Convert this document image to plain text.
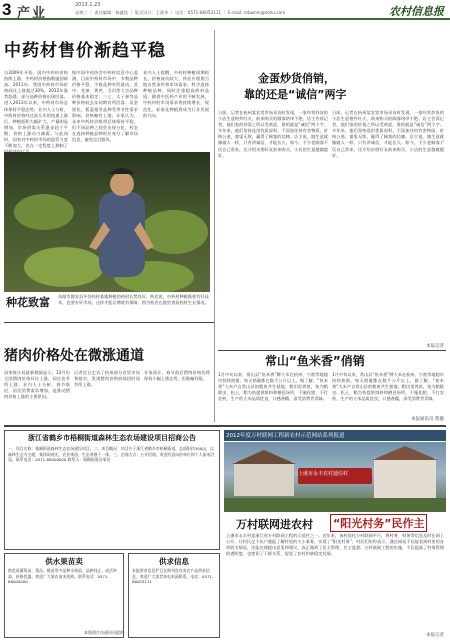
3 产业
2013.1.23
星期三 ｜ 责任编辑：杨捷凯 ｜ 版式设计：王燕华 ｜ 电话：0571-86053111 ｜ E-mail: mbwnm@sohu.com	农村信息报
中药材售价渐趋平稳
自2009年开始，国内中药材价格持续上涨，中药材价格指数屡创新高。2011年，我国中药材市场价格同比上涨超过30%，2012年涨势趋缓，部分品种价格出现回落。进入2013年以来，中药材市场总体保持平稳态势。业内人士分析，中药材价格经过前几年的快速上涨后，种植面积大幅扩大，产量明显增加，市场供需关系逐步趋于平衡，价格上涨动力减弱。与此同时，国家对中药材市场的监管力度不断加大，也在一定程度上抑制了
据中国中药协会中药材信息中心监测，目前中药材市场中，多数品种价格平稳，少数品种有所波动。其中，党参、黄芪、当归等大宗品种价格基本稳定；三七、太子参等品种价格较去年同期有所回落；而金银花、板蓝根等品种受季节性需求影响，价格略有上涨。专家认为，未来中药材价格将总体保持平稳，但不同品种之间会出现分化，药农在选择种植品种时应充分了解市场信息，避免盲目跟风。
业内人士提醒，中药材种植周期较长，价格波动较大，药农应根据当地自然条件和市场需求，科学选择种植品种，同时注重提高药材品质。随着中医药产业的不断发展，中药材的市场需求将持续增长，规范化、标准化种植将成为行业发展的方向。
种花致富 东阳市磐安县多处药材基地种植的药材长势良好。药农说，中药材种植既要有好技术，也要有好市场，这样才能让增收有保障。图为药农在地里查看药材生长情况。
金蛋炒货俏销，
靠的还是“诚信”两字
日前，记者在杭州某农贸市场采访时发现，一家经营炒货的小店生意格外红火，前来购买的顾客络绎不绝。店主告诉记者，他们家的炒货之所以受欢迎，靠的就是“诚信”两个字。多年来，他们坚持选用优质原料，不添加任何有害物质，价格公道，童叟无欺，赢得了顾客的信赖。店主说，做生意就像做人一样，只有讲诚信，才能长久。如今，不少老顾客不仅自己常来，还介绍亲朋好友前来购买，小店的生意越做越好。
日前，记者在杭州某农贸市场采访时发现，一家经营炒货的小店生意格外红火，前来购买的顾客络绎不绝。店主告诉记者，他们家的炒货之所以受欢迎，靠的就是“诚信”两个字。多年来，他们坚持选用优质原料，不添加任何有害物质，价格公道，童叟无欺，赢得了顾客的信赖。店主说，做生意就像做人一样，只有讲诚信，才能长久。如今，不少老顾客不仅自己常来，还介绍亲朋好友前来购买，小店的生意越做越好。
本报记者
常山“鱼米香”俏销
1月中旬以来，常山县“鱼米香”牌大米在杭州、宁波等地超市持续热销，每天销量都在数千公斤以上。据了解，“鱼米香”大米产自常山县的稻鱼共生基地，稻田里养鱼，鱼为稻除虫、松土，稻为鱼提供饵料和栖息场所，不施化肥、不打农药，生产的大米品质优良，口感香糯，深受消费者青睐。
1月中旬以来，常山县“鱼米香”牌大米在杭州、宁波等地超市持续热销，每天销量都在数千公斤以上。据了解，“鱼米香”大米产自常山县的稻鱼共生基地，稻田里养鱼，鱼为稻除虫、松土，稻为鱼提供饵料和栖息场所，不施化肥、不打农药，生产的大米品质优良，口感香糯，深受消费者青睐。
本报通讯员 程靓
猪肉价格处在微涨通道
国家统计局最新数据显示，12月份全国猪肉价格环比上涨，同比也有所上涨。业内人士分析，春节临近，居民消费需求增加，是推动猪肉价格上涨的主要原因。
记者近日走访了杭州部分农贸市场和超市，发现猪肉价格较前段时间有所上涨。
专家预计，春节前后猪肉价格仍将保持小幅上涨态势，但涨幅有限。
浙江省鹤乡市梧桐街道森林生态农场建设项目招商公告
一、项目名称：梧桐街道森林生态农场建设项目。二、项目概况：项目位于浙江省鹤乡市梧桐街道，总面积约300亩，以森林生态为主题，集休闲观光、农业体验、生态养殖于一体。三、招商方式：公开招商，欢迎有意向的单位和个人前来洽谈。联系电话：0571-88000000 联系人：梧桐街道办事处
供水果苗卖
供优质葡萄苗、梨苗、桃苗等多品种水果苗，品种纯正，成活率高，价格优惠，欢迎广大果农前来选购。联系电话：0571-86000000
供求信息
本报供求信息栏目长期刊登各类农产品供求信息，欢迎广大读者来电来函联系。电话：0571-86053111
2012年度万村联网工程新农村示范网站系列报道
上虞市永丰农村通信村
万村联网进农村 “阳光村务”民作主
上虞市永丰村是浙江省万村联网工程的示范村之一。近年来，该村依托万村联网平台，将村务、财务等信息及时在网上公开，让村民足不出户就能了解村里的大小事务，实现了“阳光村务”。村民们纷纷表示，通过网站不仅能看到村里的各项收支情况，还能在线提出意见和建议，真正做到了民主管理、民主监督。万村联网工程的实施，不仅提高了村务管理的透明度，也密切了干群关系，促进了农村和谐稳定发展。
本报记者
本版图片由通讯员提供
